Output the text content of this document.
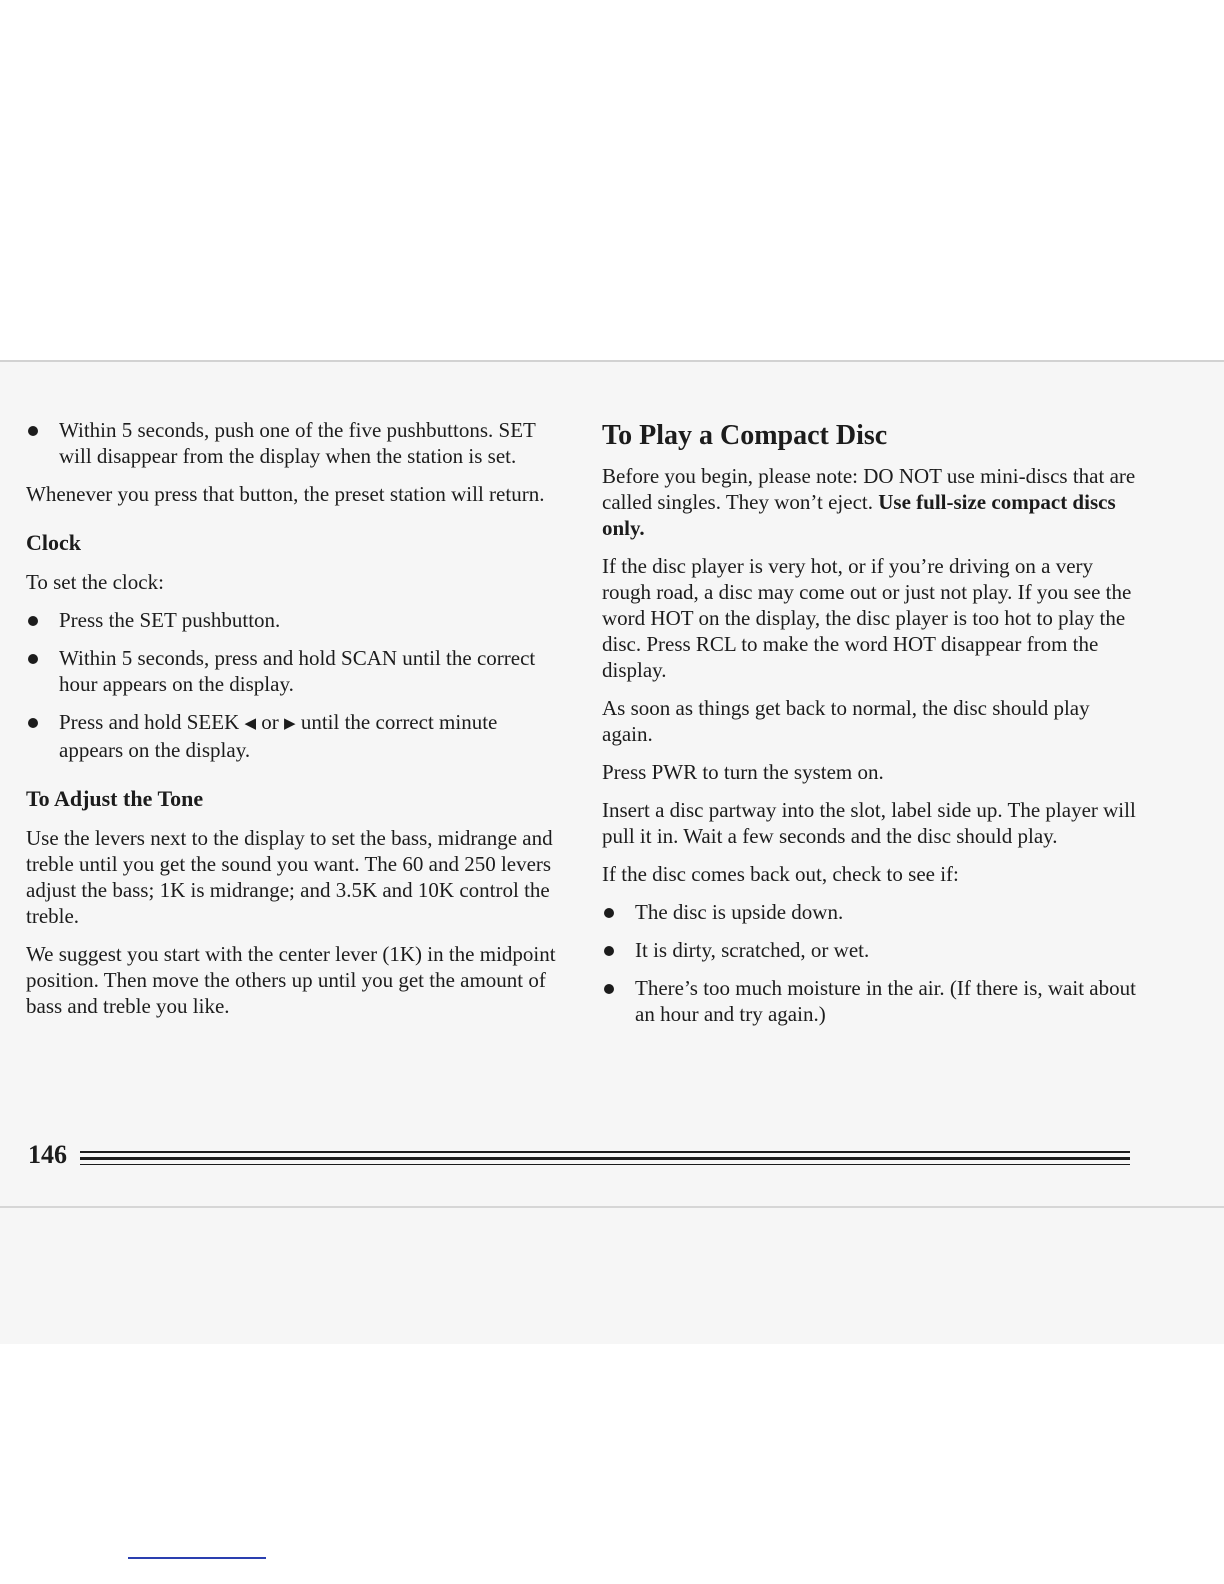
Within 5 seconds, push one of the five pushbuttons. SET will disappear from the display when the station is set.

Whenever you press that button, the preset station will return.

Clock

To set the clock:

Press the SET pushbutton.
Within 5 seconds, press and hold SCAN until the correct hour appears on the display.
Press and hold SEEK ◀ or ▶ until the correct minute appears on the display.
To Adjust the Tone

Use the levers next to the display to set the bass, midrange and treble until you get the sound you want. The 60 and 250 levers adjust the bass; 1K is midrange; and 3.5K and 10K control the treble.

We suggest you start with the center lever (1K) in the midpoint position. Then move the others up until you get the amount of bass and treble you like.

To Play a Compact Disc

Before you begin, please note: DO NOT use mini-discs that are called singles. They won’t eject. Use full-size compact discs only.

If the disc player is very hot, or if you’re driving on a very rough road, a disc may come out or just not play. If you see the word HOT on the display, the disc player is too hot to play the disc. Press RCL to make the word HOT disappear from the display.

As soon as things get back to normal, the disc should play again.

Press PWR to turn the system on.

Insert a disc partway into the slot, label side up. The player will pull it in. Wait a few seconds and the disc should play.

If the disc comes back out, check to see if:

The disc is upside down.
It is dirty, scratched, or wet.
There’s too much moisture in the air. (If there is, wait about an hour and try again.)
146
